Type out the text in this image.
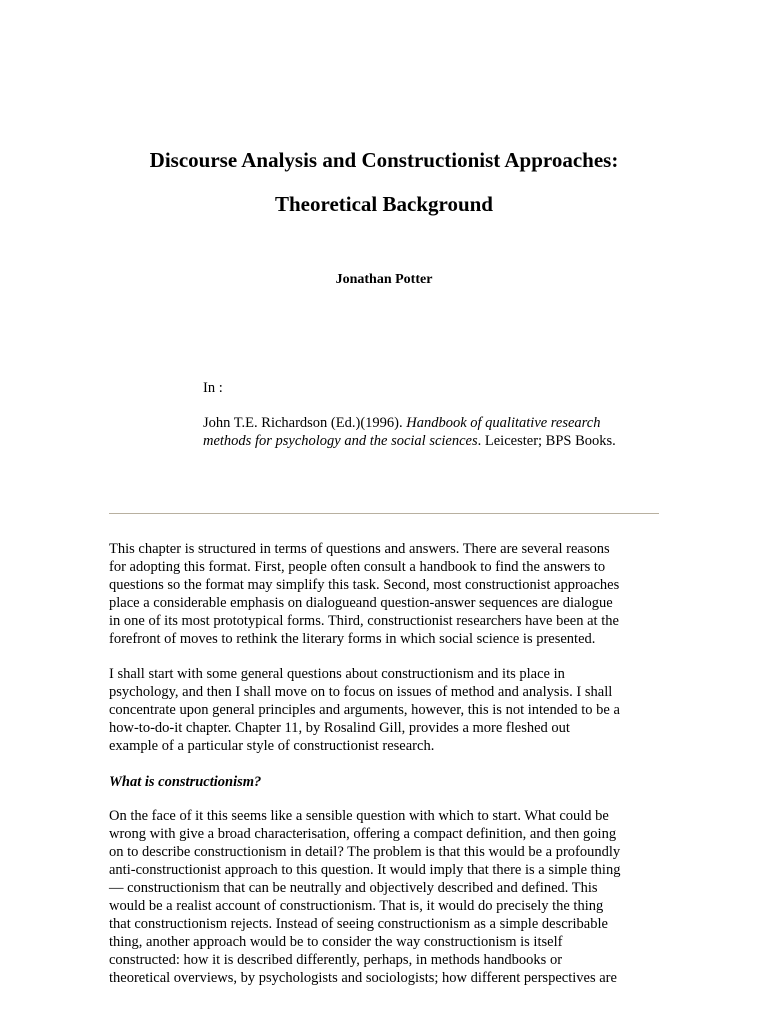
Discourse Analysis and Constructionist Approaches:
Theoretical Background

Jonathan Potter

In :

John T.E. Richardson (Ed.)(1996). Handbook of qualitative research
methods for psychology and the social sciences. Leicester; BPS Books.

This chapter is structured in terms of questions and answers. There are several reasons
for adopting this format. First, people often consult a handbook to find the answers to
questions so the format may simplify this task. Second, most constructionist approaches
place a considerable emphasis on dialogueand question-answer sequences are dialogue
in one of its most prototypical forms. Third, constructionist researchers have been at the
forefront of moves to rethink the literary forms in which social science is presented.

I shall start with some general questions about constructionism and its place in
psychology, and then I shall move on to focus on issues of method and analysis. I shall
concentrate upon general principles and arguments, however, this is not intended to be a
how-to-do-it chapter. Chapter 11, by Rosalind Gill, provides a more fleshed out
example of a particular style of constructionist research.

What is constructionism?

On the face of it this seems like a sensible question with which to start. What could be
wrong with give a broad characterisation, offering a compact definition, and then going
on to describe constructionism in detail? The problem is that this would be a profoundly
anti-constructionist approach to this question. It would imply that there is a simple thing
— constructionism that can be neutrally and objectively described and defined. This
would be a realist account of constructionism. That is, it would do precisely the thing
that constructionism rejects. Instead of seeing constructionism as a simple describable
thing, another approach would be to consider the way constructionism is itself
constructed: how it is described differently, perhaps, in methods handbooks or
theoretical overviews, by psychologists and sociologists; how different perspectives are
